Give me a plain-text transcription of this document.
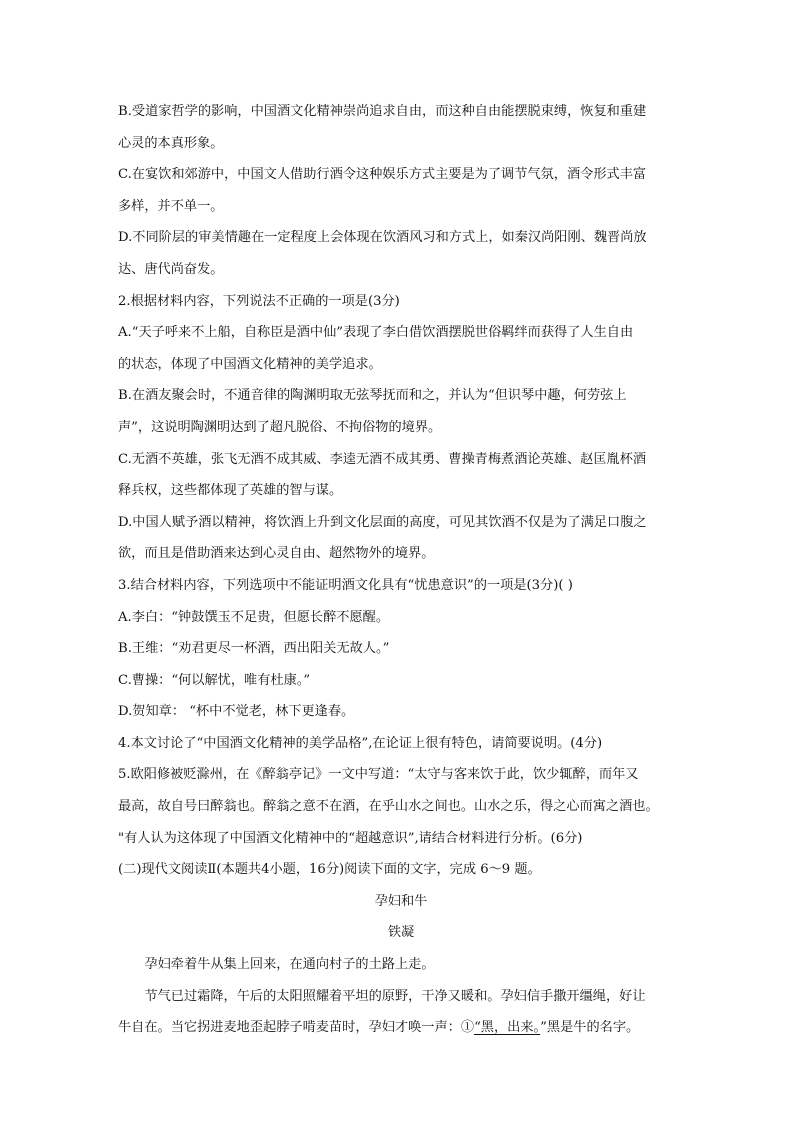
B.受道家哲学的影响，中国酒文化精神崇尚追求自由，而这种自由能摆脱束缚，恢复和重建
心灵的本真形象。
C.在宴饮和郊游中，中国文人借助行酒令这种娱乐方式主要是为了调节气氛，酒令形式丰富
多样，并不单一。
D.不同阶层的审美情趣在一定程度上会体现在饮酒风习和方式上，如秦汉尚阳刚、魏晋尚放
达、唐代尚奋发。
2.根据材料内容，下列说法不正确的一项是(3分)
A.“天子呼来不上船，自称臣是酒中仙”表现了李白借饮酒摆脱世俗羁绊而获得了人生自由
的状态，体现了中国酒文化精神的美学追求。
B.在酒友聚会时，不通音律的陶渊明取无弦琴抚而和之，并认为“但识琴中趣，何劳弦上
声”，这说明陶渊明达到了超凡脱俗、不拘俗物的境界。
C.无酒不英雄，张飞无酒不成其威、李逵无酒不成其勇、曹操青梅煮酒论英雄、赵匡胤杯酒
释兵权，这些都体现了英雄的智与谋。
D.中国人赋予酒以精神，将饮酒上升到文化层面的高度，可见其饮酒不仅是为了满足口腹之
欲，而且是借助酒来达到心灵自由、超然物外的境界。
3.结合材料内容，下列选项中不能证明酒文化具有“忧患意识”的一项是(3分)( )
A.李白：“钟鼓馔玉不足贵，但愿长醉不愿醒。
B.王维：“劝君更尽一杯酒，西出阳关无故人。”
C.曹操：“何以解忧，唯有杜康。”
D.贺知章： “杯中不觉老，林下更逢春。
4.本文讨论了“中国酒文化精神的美学品格”,在论证上很有特色，请简要说明。(4分)
5.欧阳修被贬滁州，在《醉翁亭记》一文中写道：“太守与客来饮于此，饮少辄醉，而年又
最高，故自号曰醉翁也。醉翁之意不在酒，在乎山水之间也。山水之乐，得之心而寓之酒也。
"有人认为这体现了中国酒文化精神中的“超越意识”,请结合材料进行分析。(6分)
(二)现代文阅读Ⅱ(本题共4小题，16分)阅读下面的文字，完成 6～9 题。
孕妇和牛
铁凝
孕妇牵着牛从集上回来，在通向村子的土路上走。
节气已过霜降，午后的太阳照耀着平坦的原野，干净又暖和。孕妇信手撒开缰绳，好让
牛自在。当它拐进麦地歪起脖子啃麦苗时，孕妇才唤一声：①“黑，出来。”黑是牛的名字。
